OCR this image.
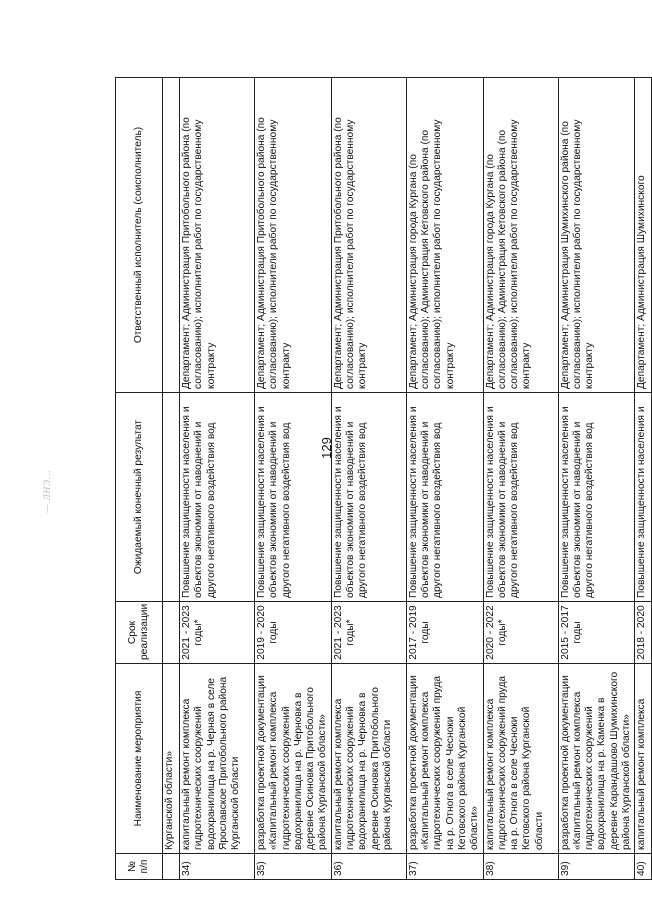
129
—.ЛНЭ...
№ п/п	Наименование мероприятия	Срок реализации	Ожидаемый конечный результат	Ответственный исполнитель (соисполнитель)
	Курганской области»			
34)	капитальный ремонт комплекса гидротехнических сооружений водохранилища на р. Черная в селе Ярославское Притобольного района Курганской области	2021 - 2023 годы*	Повышение защищенности населения и объектов экономики от наводнений и другого негативного воздействия вод	Департамент; Администрация Притобольного района (по согласованию); исполнители работ по государственному контракту
35)	разработка проектной документации «Капитальный ремонт комплекса гидротехнических сооружений водохранилища на р. Черновка в деревне Осиновка Притобольного района Курганской области»	2019 - 2020 годы	Повышение защищенности населения и объектов экономики от наводнений и другого негативного воздействия вод	Департамент; Администрация Притобольного района (по согласованию); исполнители работ по государственному контракту
36)	капитальный ремонт комплекса гидротехнических сооружений водохранилища на р. Черновка в деревне Осиновка Притобольного района Курганской области	2021 - 2023 годы*	Повышение защищенности населения и объектов экономики от наводнений и другого негативного воздействия вод	Департамент; Администрация Притобольного района (по согласованию); исполнители работ по государственному контракту
37)	разработка проектной документации «Капитальный ремонт комплекса гидротехнических сооружений пруда на р. Отнога в селе Чесноки Кетовского района Курганской области»	2017 - 2019 годы	Повышение защищенности населения и объектов экономики от наводнений и другого негативного воздействия вод	Департамент; Администрация города Кургана (по согласованию); Администрация Кетовского района (по согласованию); исполнители работ по государственному контракту
38)	капитальный ремонт комплекса гидротехнических сооружений пруда на р. Отнога в селе Чесноки Кетовского района Курганской области	2020 - 2022 годы*	Повышение защищенности населения и объектов экономики от наводнений и другого негативного воздействия вод	Департамент; Администрация города Кургана (по согласованию); Администрация Кетовского района (по согласованию); исполнители работ по государственному контракту
39)	разработка проектной документации «Капитальный ремонт комплекса гидротехнических сооружений водохранилища на р. Каменка в деревне Карандашово Шумихинского района Курганской области»	2015 - 2017 годы	Повышение защищенности населения и объектов экономики от наводнений и другого негативного воздействия вод	Департамент; Администрация Шумихинского района (по согласованию); исполнители работ по государственному контракту
40)	капитальный ремонт комплекса	2018 - 2020	Повышение защищенности населения и	Департамент; Администрация Шумихинского
